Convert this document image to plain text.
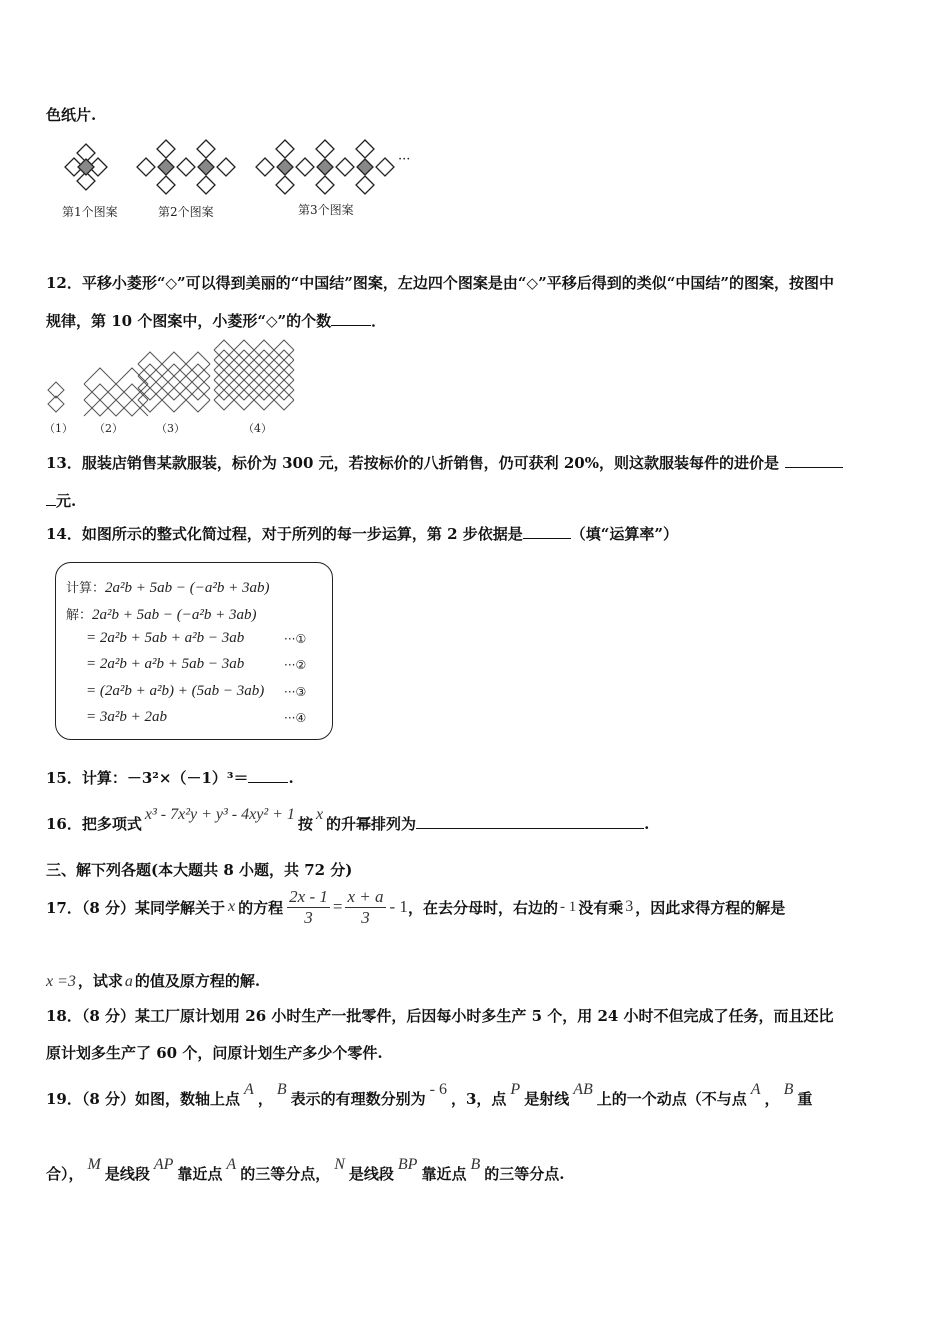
色纸片.
···
第1个图案	第2个图案	第3个图案
12．平移小菱形“◇”可以得到美丽的“中国结”图案，左边四个图案是由“◇”平移后得到的类似“中国结”的图案，按图中
规律，第 10 个图案中，小菱形“◇”的个数	．
（1） （2）	（3）	（4）
13．服装店销售某款服装，标价为 300 元，若按标价的八折销售，仍可获利 20%，则这款服装每件的进价是
元.
14．如图所示的整式化简过程，对于所列的每一步运算，第 2 步依据是	（填“运算率”）
计算：2a²b + 5ab − (−a²b + 3ab)
解：2a²b + 5ab − (−a²b + 3ab)
= 2a²b + 5ab + a²b − 3ab	···①
= 2a²b + a²b + 5ab − 3ab	···②
= (2a²b + a²b) + (5ab − 3ab) ···③
= 3a²b + 2ab	···④
15．计算：－3²×（－1）³＝	.
16．把多项式x³ - 7x²y + y³ - 4xy² + 1按x的升幂排列为	.
三、解下列各题(本大题共 8 小题，共 72 分)
17．（8 分）某同学解关于 x 的方程 $\frac{2x - 1}{3} = \frac{x + a}{3} - 1$ ，在去分母时，右边的 - 1 没有乘 3 ，因此求得方程的解是
x =3 ，试求 a 的值及原方程的解.
18．（8 分）某工厂原计划用 26 小时生产一批零件，后因每小时多生产 5 个，用 24 小时不但完成了任务，而且还比
原计划多生产了 60 个，问原计划生产多少个零件.
19．（8 分）如图，数轴上点A，B表示的有理数分别为- 6，3，点P是射线AB上的一个动点（不与点A，B重
合），M是线段AP靠近点A的三等分点，N是线段BP靠近点B的三等分点.
